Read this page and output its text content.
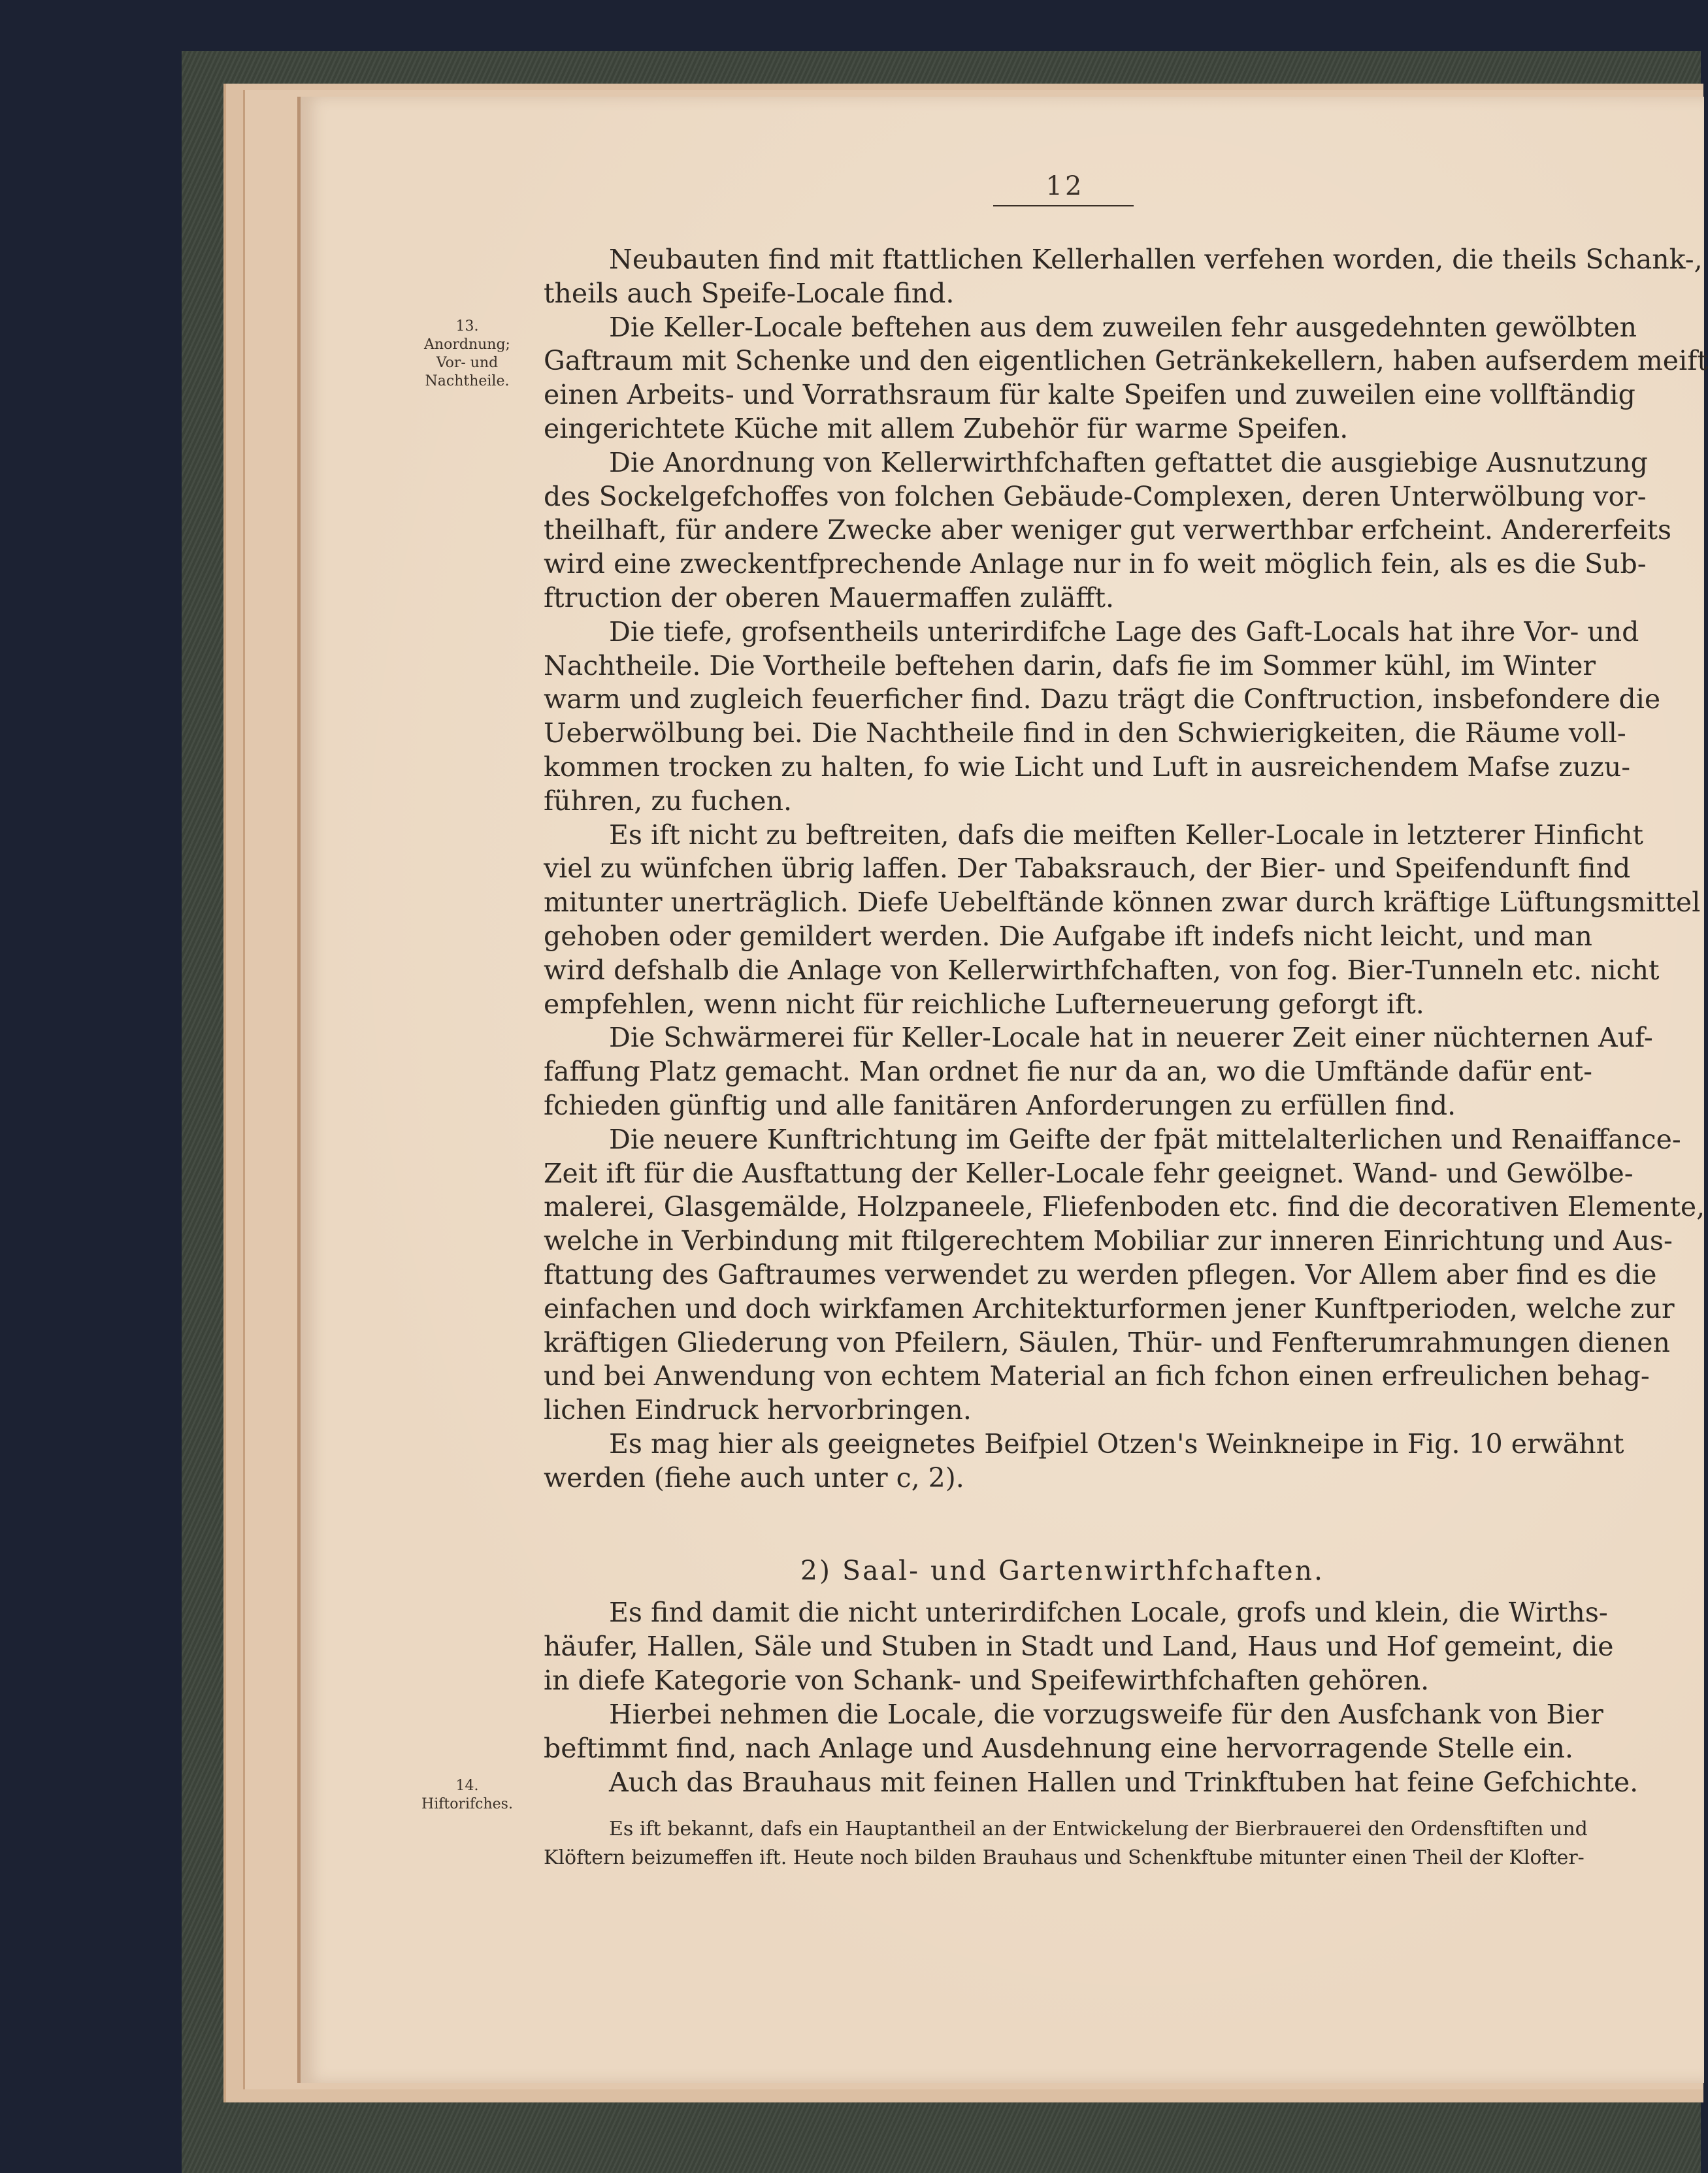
12
13.
Anordnung;
Vor- und
Nachtheile.
14.
Hiftorifches.
Neubauten find mit ftattlichen Kellerhallen verfehen worden, die theils Schank-,
theils auch Speife-Locale find.
Die Keller-Locale beftehen aus dem zuweilen fehr ausgedehnten gewölbten
Gaftraum mit Schenke und den eigentlichen Getränkekellern, haben aufserdem meift
einen Arbeits- und Vorrathsraum für kalte Speifen und zuweilen eine vollftändig
eingerichtete Küche mit allem Zubehör für warme Speifen.
Die Anordnung von Kellerwirthfchaften geftattet die ausgiebige Ausnutzung
des Sockelgefchoffes von folchen Gebäude-Complexen, deren Unterwölbung vor-
theilhaft, für andere Zwecke aber weniger gut verwerthbar erfcheint. Andererfeits
wird eine zweckentfprechende Anlage nur in fo weit möglich fein, als es die Sub-
ftruction der oberen Mauermaffen zuläfft.
Die tiefe, grofsentheils unterirdifche Lage des Gaft-Locals hat ihre Vor- und
Nachtheile. Die Vortheile beftehen darin, dafs fie im Sommer kühl, im Winter
warm und zugleich feuerficher find. Dazu trägt die Conftruction, insbefondere die
Ueberwölbung bei. Die Nachtheile find in den Schwierigkeiten, die Räume voll-
kommen trocken zu halten, fo wie Licht und Luft in ausreichendem Mafse zuzu-
führen, zu fuchen.
Es ift nicht zu beftreiten, dafs die meiften Keller-Locale in letzterer Hinficht
viel zu wünfchen übrig laffen. Der Tabaksrauch, der Bier- und Speifendunft find
mitunter unerträglich. Diefe Uebelftände können zwar durch kräftige Lüftungsmittel
gehoben oder gemildert werden. Die Aufgabe ift indefs nicht leicht, und man
wird defshalb die Anlage von Kellerwirthfchaften, von fog. Bier-Tunneln etc. nicht
empfehlen, wenn nicht für reichliche Lufterneuerung geforgt ift.
Die Schwärmerei für Keller-Locale hat in neuerer Zeit einer nüchternen Auf-
faffung Platz gemacht. Man ordnet fie nur da an, wo die Umftände dafür ent-
fchieden günftig und alle fanitären Anforderungen zu erfüllen find.
Die neuere Kunftrichtung im Geifte der fpät mittelalterlichen und Renaiffance-
Zeit ift für die Ausftattung der Keller-Locale fehr geeignet. Wand- und Gewölbe-
malerei, Glasgemälde, Holzpaneele, Fliefenboden etc. find die decorativen Elemente,
welche in Verbindung mit ftilgerechtem Mobiliar zur inneren Einrichtung und Aus-
ftattung des Gaftraumes verwendet zu werden pflegen. Vor Allem aber find es die
einfachen und doch wirkfamen Architekturformen jener Kunftperioden, welche zur
kräftigen Gliederung von Pfeilern, Säulen, Thür- und Fenfterumrahmungen dienen
und bei Anwendung von echtem Material an fich fchon einen erfreulichen behag-
lichen Eindruck hervorbringen.
Es mag hier als geeignetes Beifpiel Otzen's Weinkneipe in Fig. 10 erwähnt
werden (fiehe auch unter c, 2).
2) Saal- und Gartenwirthfchaften.
Es find damit die nicht unterirdifchen Locale, grofs und klein, die Wirths-
häufer, Hallen, Säle und Stuben in Stadt und Land, Haus und Hof gemeint, die
in diefe Kategorie von Schank- und Speifewirthfchaften gehören.
Hierbei nehmen die Locale, die vorzugsweife für den Ausfchank von Bier
beftimmt find, nach Anlage und Ausdehnung eine hervorragende Stelle ein.
Auch das Brauhaus mit feinen Hallen und Trinkftuben hat feine Gefchichte.
Es ift bekannt, dafs ein Hauptantheil an der Entwickelung der Bierbrauerei den Ordensftiften und
Klöftern beizumeffen ift. Heute noch bilden Brauhaus und Schenkftube mitunter einen Theil der Klofter-
